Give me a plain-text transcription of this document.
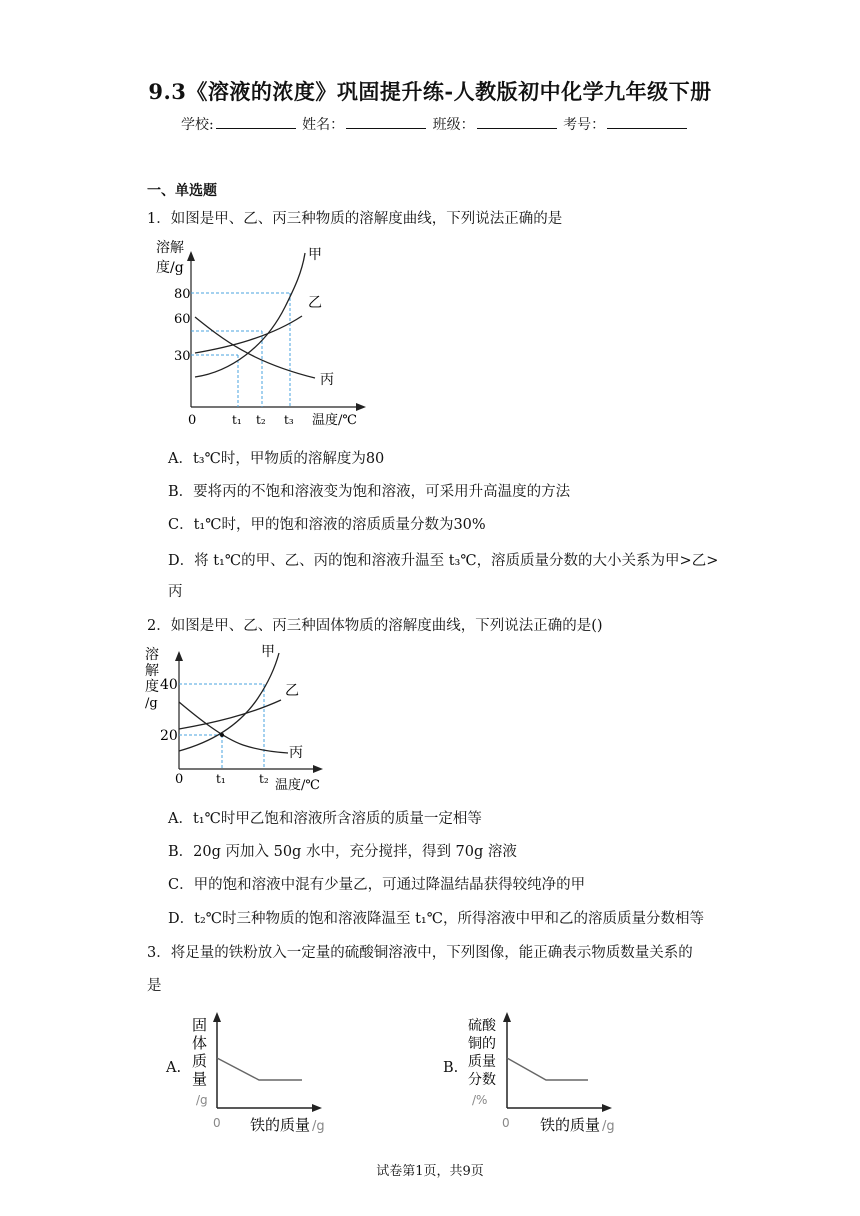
9.3《溶液的浓度》巩固提升练-人教版初中化学九年级下册
学校:	姓名：	班级：	考号：
一、单选题
1．如图是甲、乙、丙三种物质的溶解度曲线，下列说法正确的是
溶解
度/g
甲
乙
丙
80
60
30
0	t₁ t₂ t₃ 温度/℃
A．t₃℃时，甲物质的溶解度为80
B．要将丙的不饱和溶液变为饱和溶液，可采用升高温度的方法
C．t₁℃时，甲的饱和溶液的溶质质量分数为30%
D．将 t₁℃的甲、乙、丙的饱和溶液升温至 t₃℃，溶质质量分数的大小关系为甲>乙>
丙
2．如图是甲、乙、丙三种固体物质的溶解度曲线，下列说法正确的是()
溶
解
度
/g
甲
乙
丙
40
20
0	t₁	t₂ 温度/℃
A．t₁℃时甲乙饱和溶液所含溶质的质量一定相等
B．20g 丙加入 50g 水中，充分搅拌，得到 70g 溶液
C．甲的饱和溶液中混有少量乙，可通过降温结晶获得较纯净的甲
D．t₂℃时三种物质的饱和溶液降温至 t₁℃，所得溶液中甲和乙的溶质质量分数相等
3．将足量的铁粉放入一定量的硫酸铜溶液中，下列图像，能正确表示物质数量关系的
是
A.
固
体
质
量
/g
0 铁的质量 /g
B.
硫酸
铜的
质量
分数
/%
0 铁的质量 /g
试卷第1页，共9页
